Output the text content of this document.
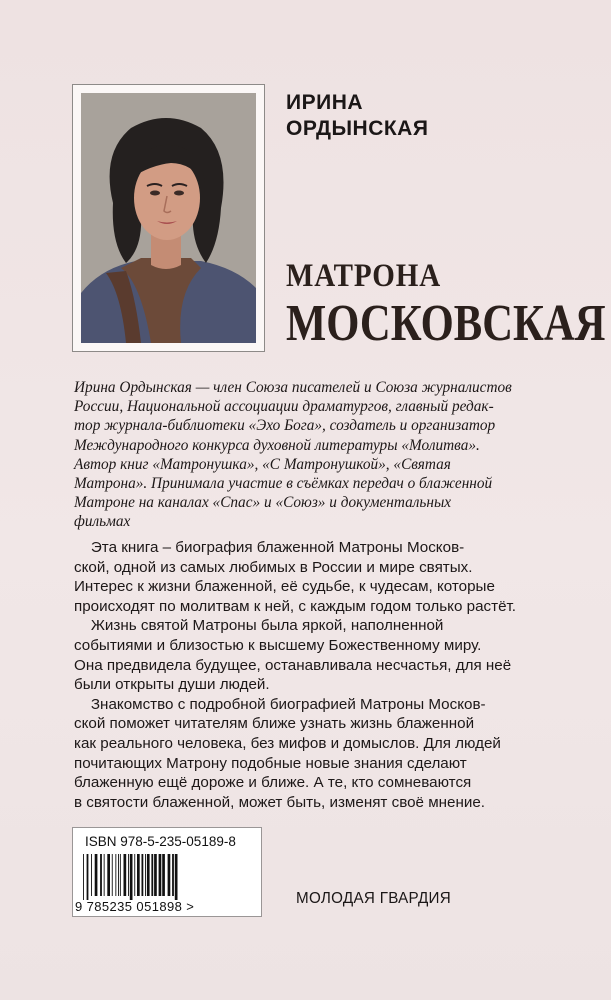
ИРИНА
ОРДЫНСКАЯ
МАТРОНА
МОСКОВСКАЯ
Ирина Ордынская — член Союза писателей и Союза журналистов
России, Национальной ассоциации драматургов, главный редак-
тор журнала-библиотеки «Эхо Бога», создатель и организатор
Международного конкурса духовной литературы «Молитва».
Автор книг «Матронушка», «С Матронушкой», «Святая
Матрона». Принимала участие в съёмках передач о блаженной
Матроне на каналах «Спас» и «Союз» и документальных
фильмах
Эта книга – биография блаженной Матроны Москов-
ской, одной из самых любимых в России и мире святых.
Интерес к жизни блаженной, её судьбе, к чудесам, которые
происходят по молитвам к ней, с каждым годом только растёт.
Жизнь святой Матроны была яркой, наполненной
событиями и близостью к высшему Божественному миру.
Она предвидела будущее, останавливала несчастья, для неё
были открыты души людей.
Знакомство с подробной биографией Матроны Москов-
ской поможет читателям ближе узнать жизнь блаженной
как реального человека, без мифов и домыслов. Для людей
почитающих Матрону подобные новые знания сделают
блаженную ещё дороже и ближе. А те, кто сомневаются
в святости блаженной, может быть, изменят своё мнение.
ISBN 978-5-235-05189-8
9 785235 051898 >	МОЛОДАЯ ГВАРДИЯ
